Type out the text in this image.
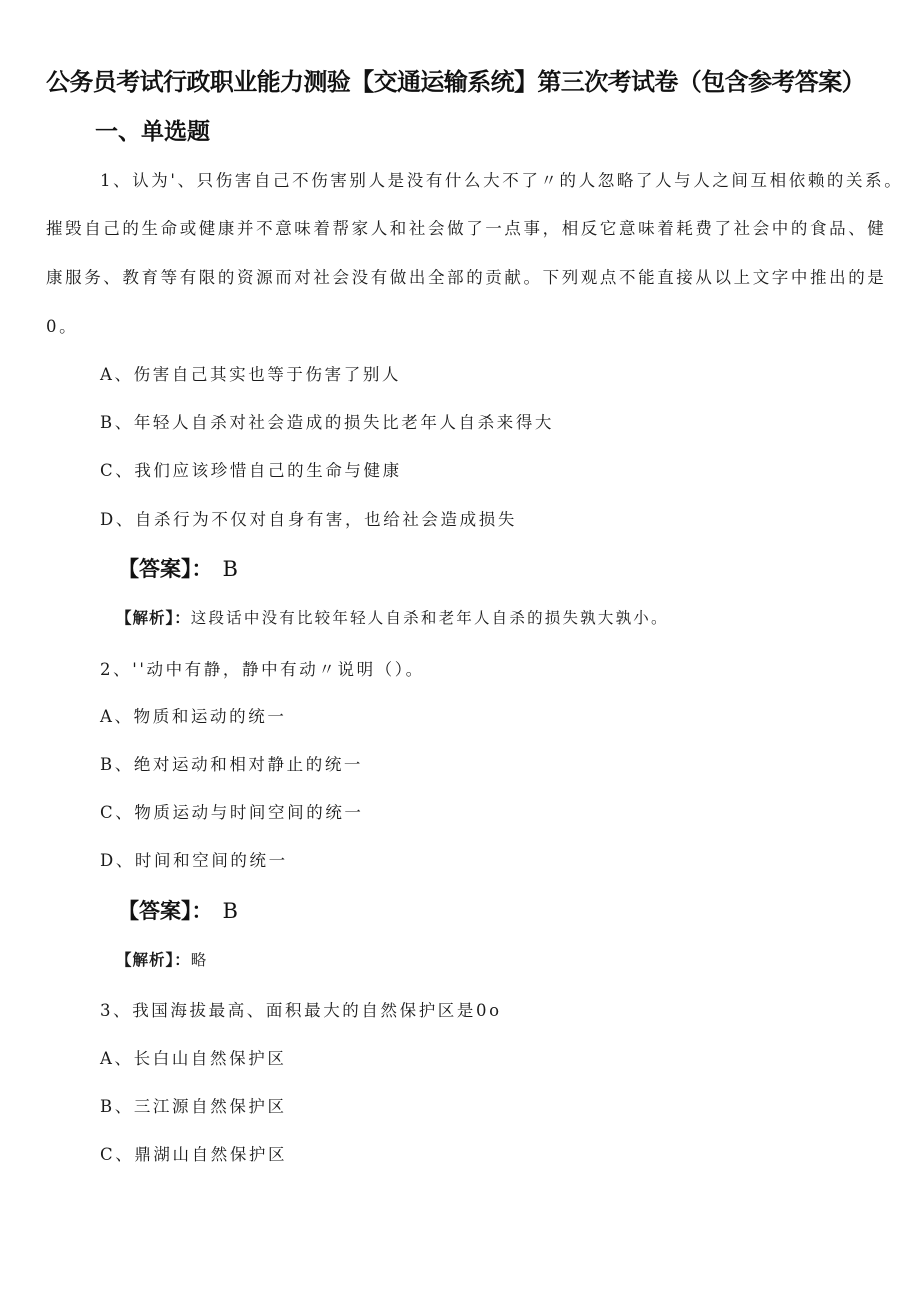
公务员考试行政职业能力测验【交通运输系统】第三次考试卷（包含参考答案）
一、单选题
1、认为'、只伤害自己不伤害别人是没有什么大不了〃的人忽略了人与人之间互相依赖的关系。
摧毁自己的生命或健康并不意味着帮家人和社会做了一点事，相反它意味着耗费了社会中的食品、健
康服务、教育等有限的资源而对社会没有做出全部的贡献。下列观点不能直接从以上文字中推出的是
0。
A、伤害自己其实也等于伤害了别人
B、年轻人自杀对社会造成的损失比老年人自杀来得大
C、我们应该珍惜自己的生命与健康
D、自杀行为不仅对自身有害，也给社会造成损失
【答案】： B
【解析】：这段话中没有比较年轻人自杀和老年人自杀的损失孰大孰小。
2、''动中有静，静中有动〃说明（）。
A、物质和运动的统一
B、绝对运动和相对静止的统一
C、物质运动与时间空间的统一
D、时间和空间的统一
【答案】： B
【解析】：略
3、我国海拔最高、面积最大的自然保护区是0o
A、长白山自然保护区
B、三江源自然保护区
C、鼎湖山自然保护区
